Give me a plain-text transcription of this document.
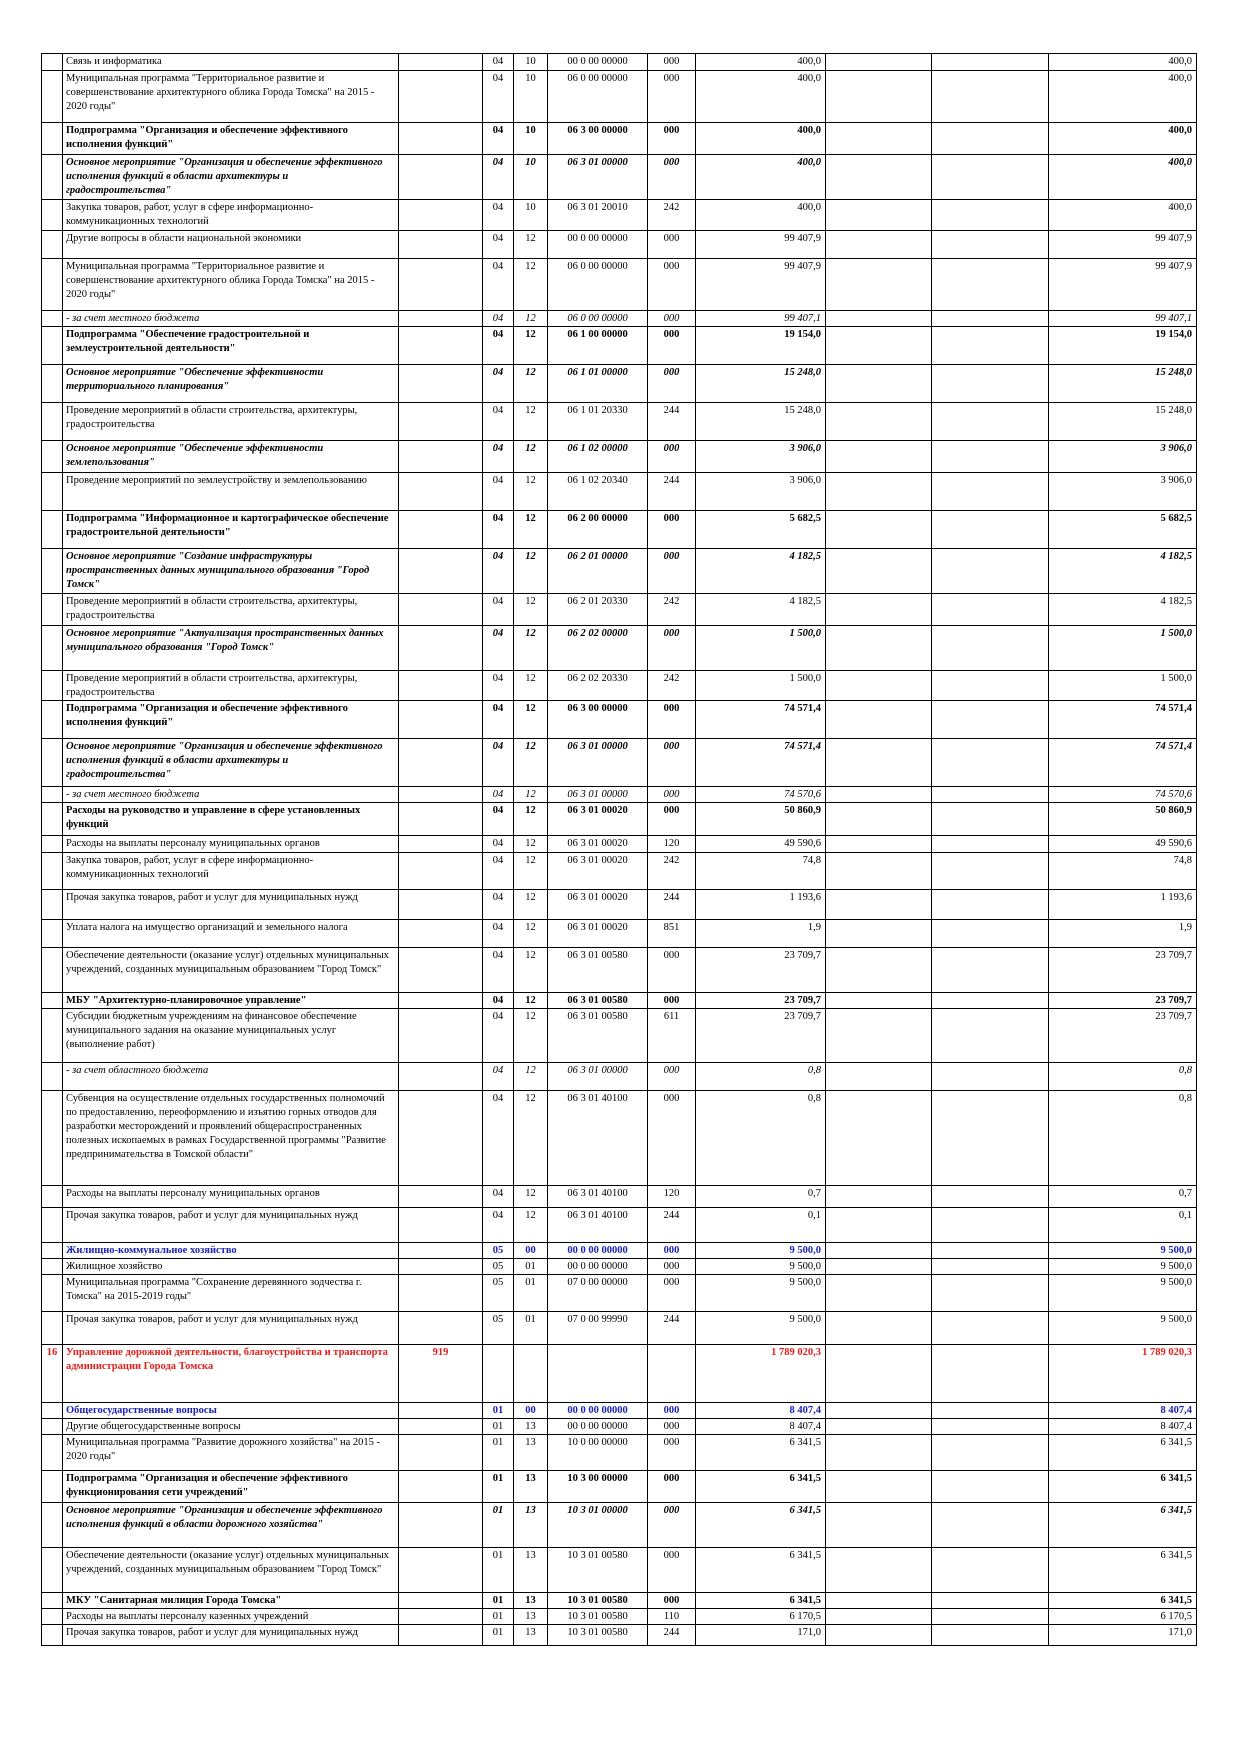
	Связь и информатика		04	10	00 0 00 00000	000	400,0			400,0
	Муниципальная программа "Территориальное развитие и совершенствование архитектурного облика Города Томска" на 2015 - 2020 годы"		04	10	06 0 00 00000	000	400,0			400,0
	Подпрограмма "Организация и обеспечение эффективного исполнения функций"		04	10	06 3 00 00000	000	400,0			400,0
	Основное мероприятие "Организация и обеспечение эффективного исполнения функций в области архитектуры и градостроительства"		04	10	06 3 01 00000	000	400,0			400,0
	Закупка товаров, работ, услуг в сфере информационно-коммуникационных технологий		04	10	06 3 01 20010	242	400,0			400,0
	Другие вопросы в области национальной экономики		04	12	00 0 00 00000	000	99 407,9			99 407,9
	Муниципальная программа "Территориальное развитие и совершенствование архитектурного облика Города Томска" на 2015 - 2020 годы"		04	12	06 0 00 00000	000	99 407,9			99 407,9
	- за счет местного бюджета		04	12	06 0 00 00000	000	99 407,1			99 407,1
	Подпрограмма "Обеспечение градостроительной и землеустроительной деятельности"		04	12	06 1 00 00000	000	19 154,0			19 154,0
	Основное мероприятие "Обеспечение эффективности территориального планирования"		04	12	06 1 01 00000	000	15 248,0			15 248,0
	Проведение мероприятий в области строительства, архитектуры, градостроительства		04	12	06 1 01 20330	244	15 248,0			15 248,0
	Основное мероприятие "Обеспечение эффективности землепользования"		04	12	06 1 02 00000	000	3 906,0			3 906,0
	Проведение мероприятий по землеустройству и землепользованию		04	12	06 1 02 20340	244	3 906,0			3 906,0
	Подпрограмма "Информационное и картографическое обеспечение градостроительной деятельности"		04	12	06 2 00 00000	000	5 682,5			5 682,5
	Основное мероприятие "Создание инфраструктуры пространственных данных муниципального образования "Город Томск"		04	12	06 2 01 00000	000	4 182,5			4 182,5
	Проведение мероприятий в области строительства, архитектуры, градостроительства		04	12	06 2 01 20330	242	4 182,5			4 182,5
	Основное мероприятие "Актуализация пространственных данных муниципального образования "Город Томск"		04	12	06 2 02 00000	000	1 500,0			1 500,0
	Проведение мероприятий в области строительства, архитектуры, градостроительства		04	12	06 2 02 20330	242	1 500,0			1 500,0
	Подпрограмма "Организация и обеспечение эффективного исполнения функций"		04	12	06 3 00 00000	000	74 571,4			74 571,4
	Основное мероприятие "Организация и обеспечение эффективного исполнения функций в области архитектуры и градостроительства"		04	12	06 3 01 00000	000	74 571,4			74 571,4
	- за счет местного бюджета		04	12	06 3 01 00000	000	74 570,6			74 570,6
	Расходы на руководство и управление в сфере установленных функций		04	12	06 3 01 00020	000	50 860,9			50 860,9
	Расходы на выплаты персоналу муниципальных органов		04	12	06 3 01 00020	120	49 590,6			49 590,6
	Закупка товаров, работ, услуг в сфере информационно-коммуникационных технологий		04	12	06 3 01 00020	242	74,8			74,8
	Прочая закупка товаров, работ и услуг для муниципальных нужд		04	12	06 3 01 00020	244	1 193,6			1 193,6
	Уплата налога на имущество организаций и земельного налога		04	12	06 3 01 00020	851	1,9			1,9
	Обеспечение деятельности (оказание услуг) отдельных муниципальных учреждений, созданных муниципальным образованием "Город Томск"		04	12	06 3 01 00580	000	23 709,7			23 709,7
	МБУ "Архитектурно-планировочное управление"		04	12	06 3 01 00580	000	23 709,7			23 709,7
	Субсидии бюджетным учреждениям на финансовое обеспечение муниципального задания на оказание муниципальных услуг (выполнение работ)		04	12	06 3 01 00580	611	23 709,7			23 709,7
	- за счет областного бюджета		04	12	06 3 01 00000	000	0,8			0,8
	Субвенция на осуществление отдельных государственных полномочий по предоставлению, переоформлению и изъятию горных отводов для разработки месторождений и проявлений общераспространенных полезных ископаемых в рамках Государственной программы "Развитие предпринимательства в Томской области"		04	12	06 3 01 40100	000	0,8			0,8
	Расходы на выплаты персоналу муниципальных органов		04	12	06 3 01 40100	120	0,7			0,7
	Прочая закупка товаров, работ и услуг для муниципальных нужд		04	12	06 3 01 40100	244	0,1			0,1
	Жилищно-коммунальное хозяйство		05	00	00 0 00 00000	000	9 500,0			9 500,0
	Жилищное хозяйство		05	01	00 0 00 00000	000	9 500,0			9 500,0
	Муниципальная программа "Сохранение деревянного зодчества г. Томска" на 2015-2019 годы"		05	01	07 0 00 00000	000	9 500,0			9 500,0
	Прочая закупка товаров, работ и услуг для муниципальных нужд		05	01	07 0 00 99990	244	9 500,0			9 500,0
16	Управление дорожной деятельности, благоустройства и транспорта администрации Города Томска	919					1 789 020,3			1 789 020,3
	Общегосударственные вопросы		01	00	00 0 00 00000	000	8 407,4			8 407,4
	Другие общегосударственные вопросы		01	13	00 0 00 00000	000	8 407,4			8 407,4
	Муниципальная программа "Развитие дорожного хозяйства" на 2015 - 2020 годы"		01	13	10 0 00 00000	000	6 341,5			6 341,5
	Подпрограмма "Организация и обеспечение эффективного функционирования сети учреждений"		01	13	10 3 00 00000	000	6 341,5			6 341,5
	Основное мероприятие "Организация и обеспечение эффективного исполнения функций в области дорожного хозяйства"		01	13	10 3 01 00000	000	6 341,5			6 341,5
	Обеспечение деятельности (оказание услуг) отдельных муниципальных учреждений, созданных муниципальным образованием "Город Томск"		01	13	10 3 01 00580	000	6 341,5			6 341,5
	МКУ "Санитарная милиция Города Томска"		01	13	10 3 01 00580	000	6 341,5			6 341,5
	Расходы на выплаты персоналу казенных учреждений		01	13	10 3 01 00580	110	6 170,5			6 170,5
	Прочая закупка товаров, работ и услуг для муниципальных нужд		01	13	10 3 01 00580	244	171,0			171,0
